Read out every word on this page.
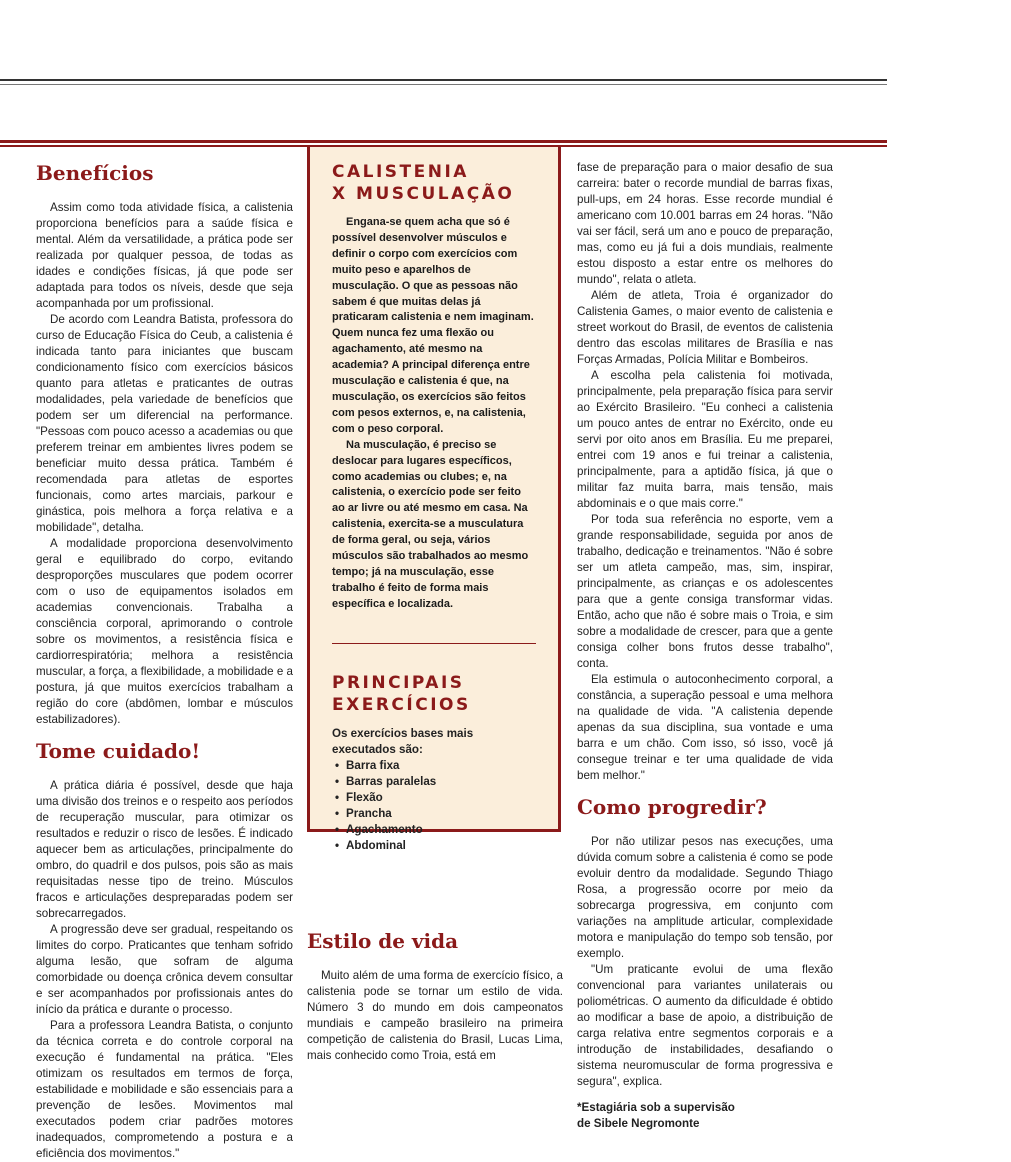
Benefícios

Assim como toda atividade física, a calistenia proporciona benefícios para a saúde física e mental. Além da versatilidade, a prática pode ser realizada por qualquer pessoa, de todas as idades e condições físicas, já que pode ser adaptada para todos os níveis, desde que seja acompanhada por um profissional.

De acordo com Leandra Batista, professora do curso de Educação Física do Ceub, a calistenia é indicada tanto para iniciantes que buscam condicionamento físico com exercícios básicos quanto para atletas e praticantes de outras modalidades, pela variedade de benefícios que podem ser um diferencial na performance. "Pessoas com pouco acesso a academias ou que preferem treinar em ambientes livres podem se beneficiar muito dessa prática. Também é recomendada para atletas de esportes funcionais, como artes marciais, parkour e ginástica, pois melhora a força relativa e a mobilidade", detalha.

A modalidade proporciona desenvolvimento geral e equilibrado do corpo, evitando desproporções musculares que podem ocorrer com o uso de equipamentos isolados em academias convencionais. Trabalha a consciência corporal, aprimorando o controle sobre os movimentos, a resistência física e cardiorrespiratória; melhora a resistência muscular, a força, a flexibilidade, a mobilidade e a postura, já que muitos exercícios trabalham a região do core (abdômen, lombar e músculos estabilizadores).

Tome cuidado!

A prática diária é possível, desde que haja uma divisão dos treinos e o respeito aos períodos de recuperação muscular, para otimizar os resultados e reduzir o risco de lesões. É indicado aquecer bem as articulações, principalmente do ombro, do quadril e dos pulsos, pois são as mais requisitadas nesse tipo de treino. Músculos fracos e articulações despreparadas podem ser sobrecarregados.

A progressão deve ser gradual, respeitando os limites do corpo. Praticantes que tenham sofrido alguma lesão, que sofram de alguma comorbidade ou doença crônica devem consultar e ser acompanhados por profissionais antes do início da prática e durante o processo.

Para a professora Leandra Batista, o conjunto da técnica correta e do controle corporal na execução é fundamental na prática. "Eles otimizam os resultados em termos de força, estabilidade e mobilidade e são essenciais para a prevenção de lesões. Movimentos mal executados podem criar padrões motores inadequados, comprometendo a postura e a eficiência dos movimentos."

CALISTENIA
X MUSCULAÇÃO

Engana-se quem acha que só é possível desenvolver músculos e definir o corpo com exercícios com muito peso e aparelhos de musculação. O que as pessoas não sabem é que muitas delas já praticaram calistenia e nem imaginam. Quem nunca fez uma flexão ou agachamento, até mesmo na academia? A principal diferença entre musculação e calistenia é que, na musculação, os exercícios são feitos com pesos externos, e, na calistenia, com o peso corporal.

Na musculação, é preciso se deslocar para lugares específicos, como academias ou clubes; e, na calistenia, o exercício pode ser feito ao ar livre ou até mesmo em casa. Na calistenia, exercita-se a musculatura de forma geral, ou seja, vários músculos são trabalhados ao mesmo tempo; já na musculação, esse trabalho é feito de forma mais específica e localizada.

PRINCIPAIS
EXERCÍCIOS

Os exercícios bases mais executados são:

• Barra fixa
• Barras paralelas
• Flexão
• Prancha
• Agachamento
• Abdominal
Estilo de vida

Muito além de uma forma de exercício físico, a calistenia pode se tornar um estilo de vida. Número 3 do mundo em dois campeonatos mundiais e campeão brasileiro na primeira competição de calistenia do Brasil, Lucas Lima, mais conhecido como Troia, está em

fase de preparação para o maior desafio de sua carreira: bater o recorde mundial de barras fixas, pull-ups, em 24 horas. Esse recorde mundial é americano com 10.001 barras em 24 horas. "Não vai ser fácil, será um ano e pouco de preparação, mas, como eu já fui a dois mundiais, realmente estou disposto a estar entre os melhores do mundo", relata o atleta.

Além de atleta, Troia é organizador do Calistenia Games, o maior evento de calistenia e street workout do Brasil, de eventos de calistenia dentro das escolas militares de Brasília e nas Forças Armadas, Polícia Militar e Bombeiros.

A escolha pela calistenia foi motivada, principalmente, pela preparação física para servir ao Exército Brasileiro. "Eu conheci a calistenia um pouco antes de entrar no Exército, onde eu servi por oito anos em Brasília. Eu me preparei, entrei com 19 anos e fui treinar a calistenia, principalmente, para a aptidão física, já que o militar faz muita barra, mais tensão, mais abdominais e o que mais corre."

Por toda sua referência no esporte, vem a grande responsabilidade, seguida por anos de trabalho, dedicação e treinamentos. "Não é sobre ser um atleta campeão, mas, sim, inspirar, principalmente, as crianças e os adolescentes para que a gente consiga transformar vidas. Então, acho que não é sobre mais o Troia, e sim sobre a modalidade de crescer, para que a gente consiga colher bons frutos desse trabalho", conta.

Ela estimula o autoconhecimento corporal, a constância, a superação pessoal e uma melhora na qualidade de vida. "A calistenia depende apenas da sua disciplina, sua vontade e uma barra e um chão. Com isso, só isso, você já consegue treinar e ter uma qualidade de vida bem melhor."

Como progredir?

Por não utilizar pesos nas execuções, uma dúvida comum sobre a calistenia é como se pode evoluir dentro da modalidade. Segundo Thiago Rosa, a progressão ocorre por meio da sobrecarga progressiva, em conjunto com variações na amplitude articular, complexidade motora e manipulação do tempo sob tensão, por exemplo.

"Um praticante evolui de uma flexão convencional para variantes unilaterais ou poliométricas. O aumento da dificuldade é obtido ao modificar a base de apoio, a distribuição de carga relativa entre segmentos corporais e a introdução de instabilidades, desafiando o sistema neuromuscular de forma progressiva e segura", explica.

*Estagiária sob a supervisão
de Sibele Negromonte
